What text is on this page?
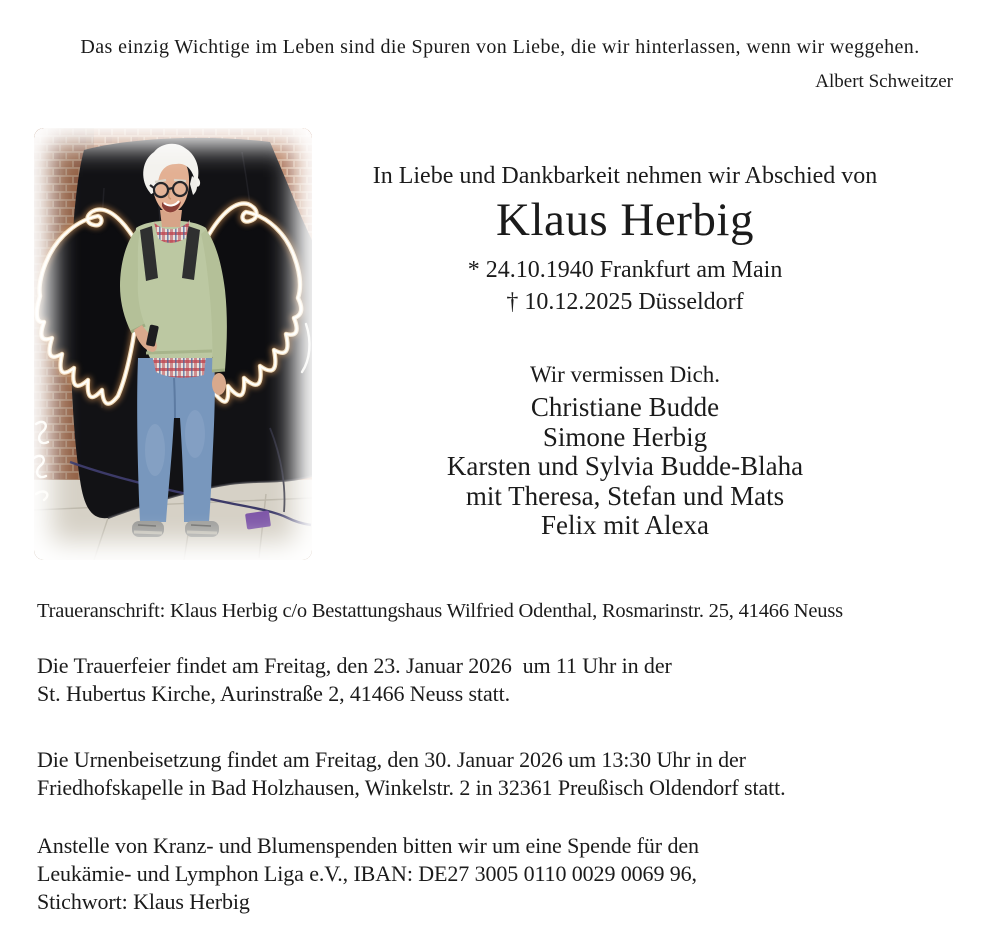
Das einzig Wichtige im Leben sind die Spuren von Liebe, die wir hinterlassen, wenn wir weggehen.
Albert Schweitzer
In Liebe und Dankbarkeit nehmen wir Abschied von
Klaus Herbig
* 24.10.1940 Frankfurt am Main
† 10.12.2025 Düsseldorf
Wir vermissen Dich.
Christiane Budde
Simone Herbig
Karsten und Sylvia Budde-Blaha
mit Theresa, Stefan und Mats
Felix mit Alexa
Traueranschrift: Klaus Herbig c/o Bestattungshaus Wilfried Odenthal, Rosmarinstr. 25, 41466 Neuss
Die Trauerfeier findet am Freitag, den 23. Januar 2026  um 11 Uhr in der
St. Hubertus Kirche, Aurinstraße 2, 41466 Neuss statt.
Die Urnenbeisetzung findet am Freitag, den 30. Januar 2026 um 13:30 Uhr in der
Friedhofskapelle in Bad Holzhausen, Winkelstr. 2 in 32361 Preußisch Oldendorf statt.
Anstelle von Kranz- und Blumenspenden bitten wir um eine Spende für den
Leukämie- und Lymphon Liga e.V., IBAN: DE27 3005 0110 0029 0069 96,
Stichwort: Klaus Herbig
